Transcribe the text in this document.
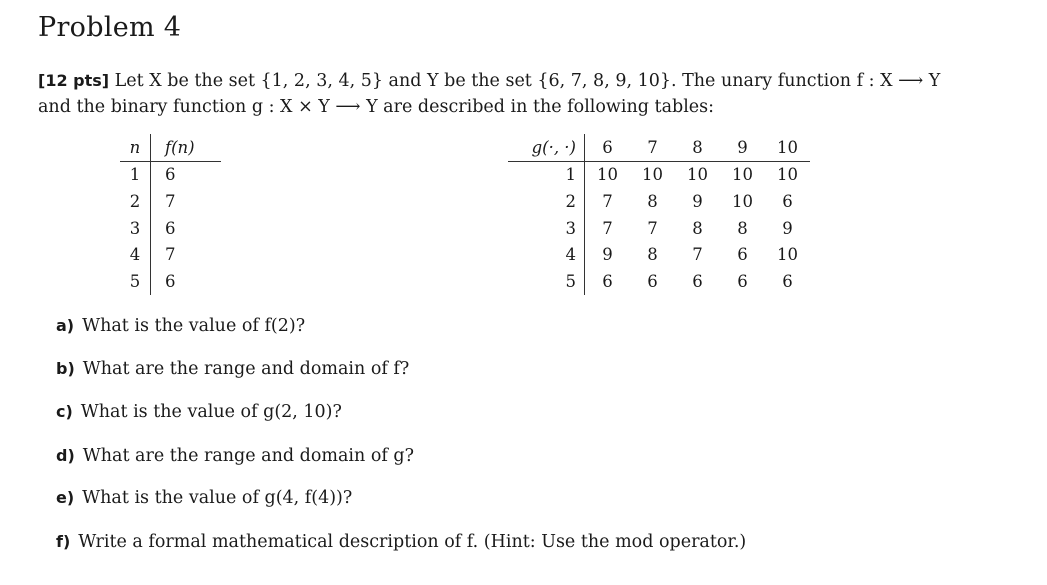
Problem 4
[12 pts] Let X be the set {1, 2, 3, 4, 5} and Y be the set {6, 7, 8, 9, 10}. The unary function f : X ⟶ Y
and the binary function g : X × Y ⟶ Y are described in the following tables:
n	f(n)
1	6
2	7
3	6
4	7
5	6
g(·, ·)	6	7	8	9	10
1	10	10	10	10	10
2	7	8	9	10	6
3	7	7	8	8	9
4	9	8	7	6	10
5	6	6	6	6	6
a) What is the value of f(2)?
b) What are the range and domain of f?
c) What is the value of g(2, 10)?
d) What are the range and domain of g?
e) What is the value of g(4, f(4))?
f) Write a formal mathematical description of f. (Hint: Use the mod operator.)
